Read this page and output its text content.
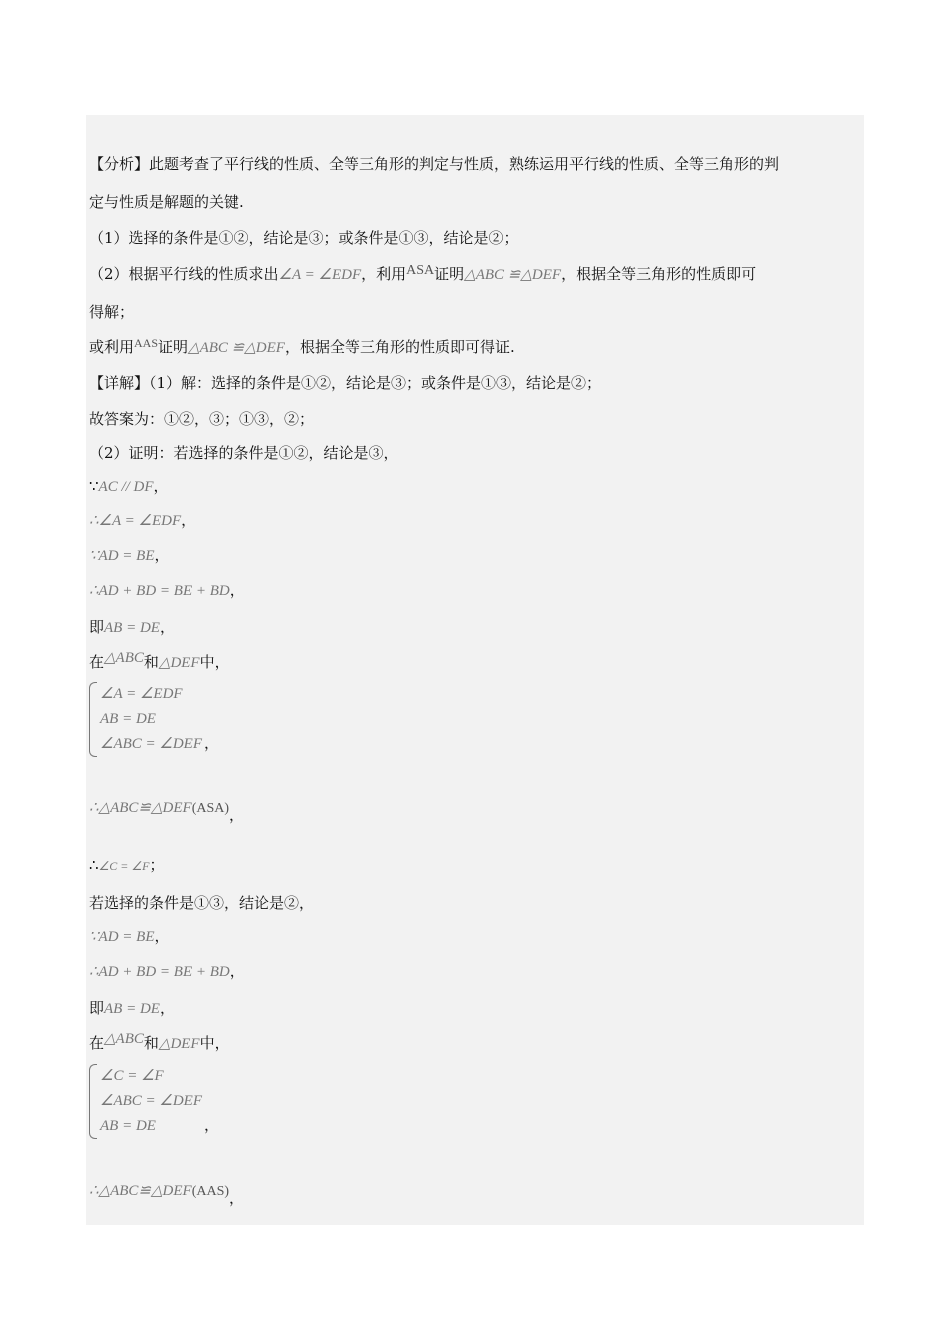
【分析】此题考查了平行线的性质、全等三角形的判定与性质，熟练运用平行线的性质、全等三角形的判
定与性质是解题的关键.
（1）选择的条件是①②，结论是③；或条件是①③，结论是②；
（2）根据平行线的性质求出∠A = ∠EDF，利用ASA证明△ABC ≌△DEF，根据全等三角形的性质即可
得解；
或利用$^{AAS}$证明△ABC ≌△DEF，根据全等三角形的性质即可得证.
【详解】（1）解：选择的条件是①②，结论是③；或条件是①③，结论是②；
故答案为：①②，③；①③，②；
（2）证明：若选择的条件是①②，结论是③，
∵AC // DF，
∴∠A = ∠EDF，
∵AD = BE，
∴AD + BD = BE + BD，
即AB = DE，
在△ABC和△DEF中，
∠A = ∠EDF
AB = DE
∠ABC = ∠DEF ，
∴△ABC≌△DEF(ASA)，
∴∠C = ∠F；
若选择的条件是①③，结论是②，
∵AD = BE，
∴AD + BD = BE + BD，
即AB = DE，
在△ABC和△DEF中，
∠C = ∠F
∠ABC = ∠DEF
AB = DE	，
∴△ABC≌△DEF(AAS)，
